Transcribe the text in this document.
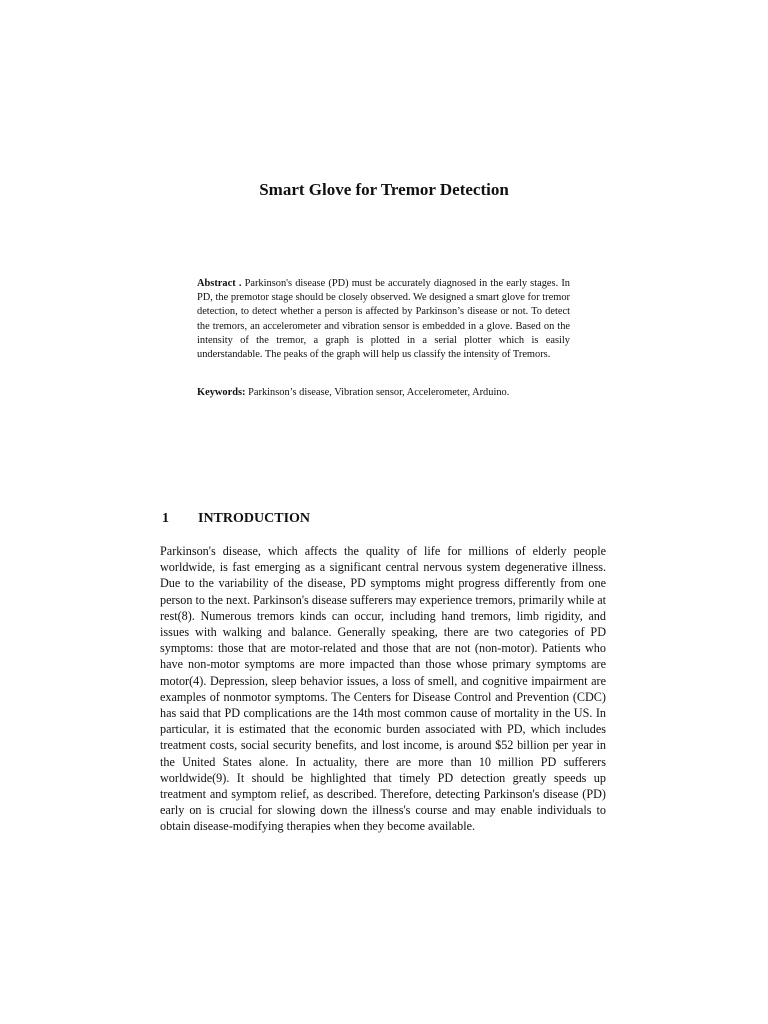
Smart Glove for Tremor Detection
Abstract . Parkinson's disease (PD) must be accurately diagnosed in the early stages. In PD, the premotor stage should be closely observed. We designed a smart glove for tremor detection, to detect whether a person is affected by Parkinson’s disease or not. To detect the tremors, an accelerometer and vibration sensor is embedded in a glove. Based on the intensity of the tremor, a graph is plotted in a serial plotter which is easily understandable. The peaks of the graph will help us classify the intensity of Tremors.
Keywords: Parkinson’s disease, Vibration sensor, Accelerometer, Arduino.
1 INTRODUCTION
Parkinson's disease, which affects the quality of life for millions of elderly people worldwide, is fast emerging as a significant central nervous system degenerative illness. Due to the variability of the disease, PD symptoms might progress differently from one person to the next. Parkinson's disease sufferers may experience tremors, primarily while at rest(8). Numerous tremors kinds can occur, including hand tremors, limb rigidity, and issues with walking and balance. Generally speaking, there are two categories of PD symptoms: those that are motor-related and those that are not (non-motor). Patients who have non-motor symptoms are more impacted than those whose primary symptoms are motor(4). Depression, sleep behavior issues, a loss of smell, and cognitive impairment are examples of nonmotor symptoms. The Centers for Disease Control and Prevention (CDC) has said that PD complications are the 14th most common cause of mortality in the US. In particular, it is estimated that the economic burden associated with PD, which includes treatment costs, social security benefits, and lost income, is around $52 billion per year in the United States alone. In actuality, there are more than 10 million PD sufferers worldwide(9). It should be highlighted that timely PD detection greatly speeds up treatment and symptom relief, as described. Therefore, detecting Parkinson's disease (PD) early on is crucial for slowing down the illness's course and may enable individuals to obtain disease-modifying therapies when they become available.
